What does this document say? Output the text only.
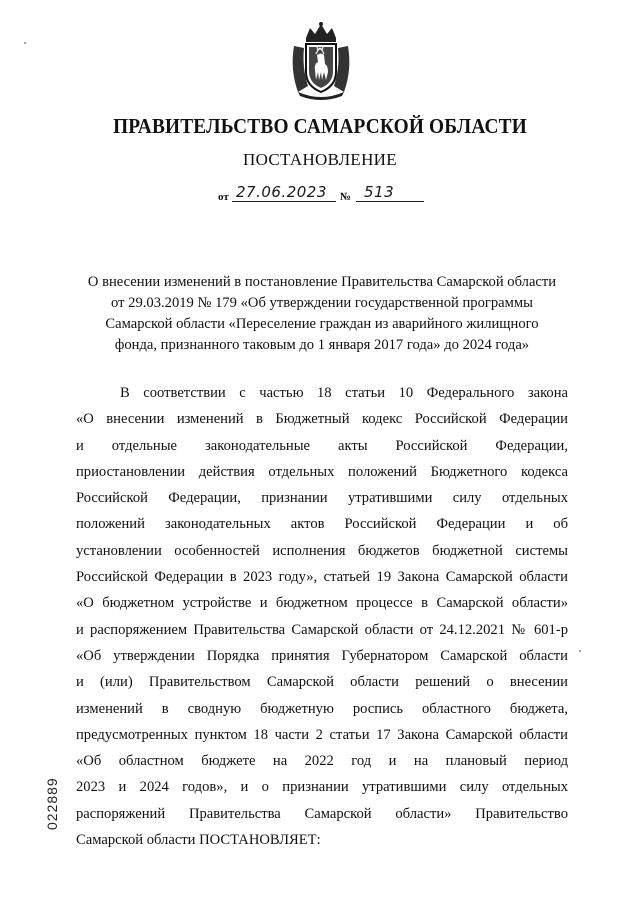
ПРАВИТЕЛЬСТВО САМАРСКОЙ ОБЛАСТИ
ПОСТАНОВЛЕНИЕ
от 27.06.2023 № 513
О внесении изменений в постановление Правительства Самарской области
от 29.03.2019 № 179 «Об утверждении государственной программы
Самарской области «Переселение граждан из аварийного жилищного
фонда, признанного таковым до 1 января 2017 года» до 2024 года»
В соответствии с частью 18 статьи 10 Федерального закона
«О внесении изменений в Бюджетный кодекс Российской Федерации
и отдельные законодательные акты Российской Федерации,
приостановлении действия отдельных положений Бюджетного кодекса
Российской Федерации, признании утратившими силу отдельных
положений законодательных актов Российской Федерации и об
установлении особенностей исполнения бюджетов бюджетной системы
Российской Федерации в 2023 году», статьей 19 Закона Самарской области
«О бюджетном устройстве и бюджетном процессе в Самарской области»
и распоряжением Правительства Самарской области от 24.12.2021 № 601-р
«Об утверждении Порядка принятия Губернатором Самарской области
и (или) Правительством Самарской области решений о внесении
изменений в сводную бюджетную роспись областного бюджета,
предусмотренных пунктом 18 части 2 статьи 17 Закона Самарской области
«Об областном бюджете на 2022 год и на плановый период
2023 и 2024 годов», и о признании утратившими силу отдельных
распоряжений Правительства Самарской области» Правительство
Самарской области ПОСТАНОВЛЯЕТ:
022889
